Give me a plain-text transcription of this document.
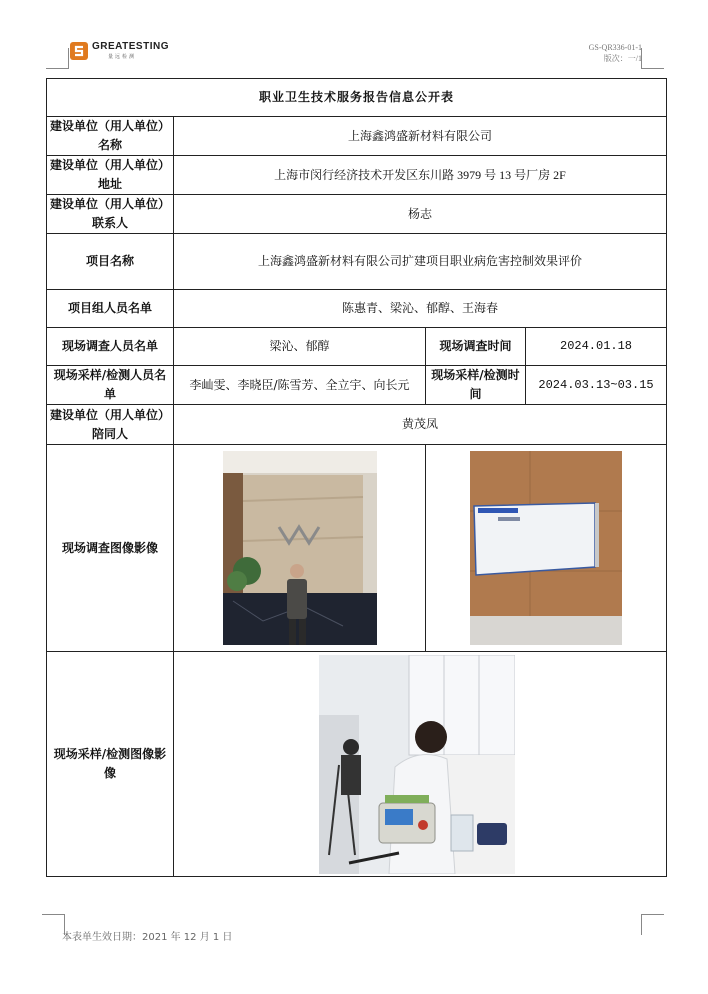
GREATESTING
量远检测
GS-QR336-01-1
版次：一/1
职业卫生技术服务报告信息公开表			
建设单位（用人单位）名称	上海鑫鸿盛新材料有限公司		
建设单位（用人单位）地址	上海市闵行经济技术开发区东川路 3979 号 13 号厂房 2F		
建设单位（用人单位）联系人	杨志		
项目名称	上海鑫鸿盛新材料有限公司扩建项目职业病危害控制效果评价		
项目组人员名单	陈惠青、梁沁、郁醇、王海春		
现场调查人员名单	梁沁、郁醇	现场调查时间	2024.01.18
现场采样/检测人员名单	李屾雯、李晓臣/陈雪芳、全立宇、向长元	现场采样/检测时间	2024.03.13~03.15
建设单位（用人单位）陪同人	黄茂凤		
现场调查图像影像	

现场采样/检测图像影像	
本表单生效日期：2021 年 12 月 1 日
